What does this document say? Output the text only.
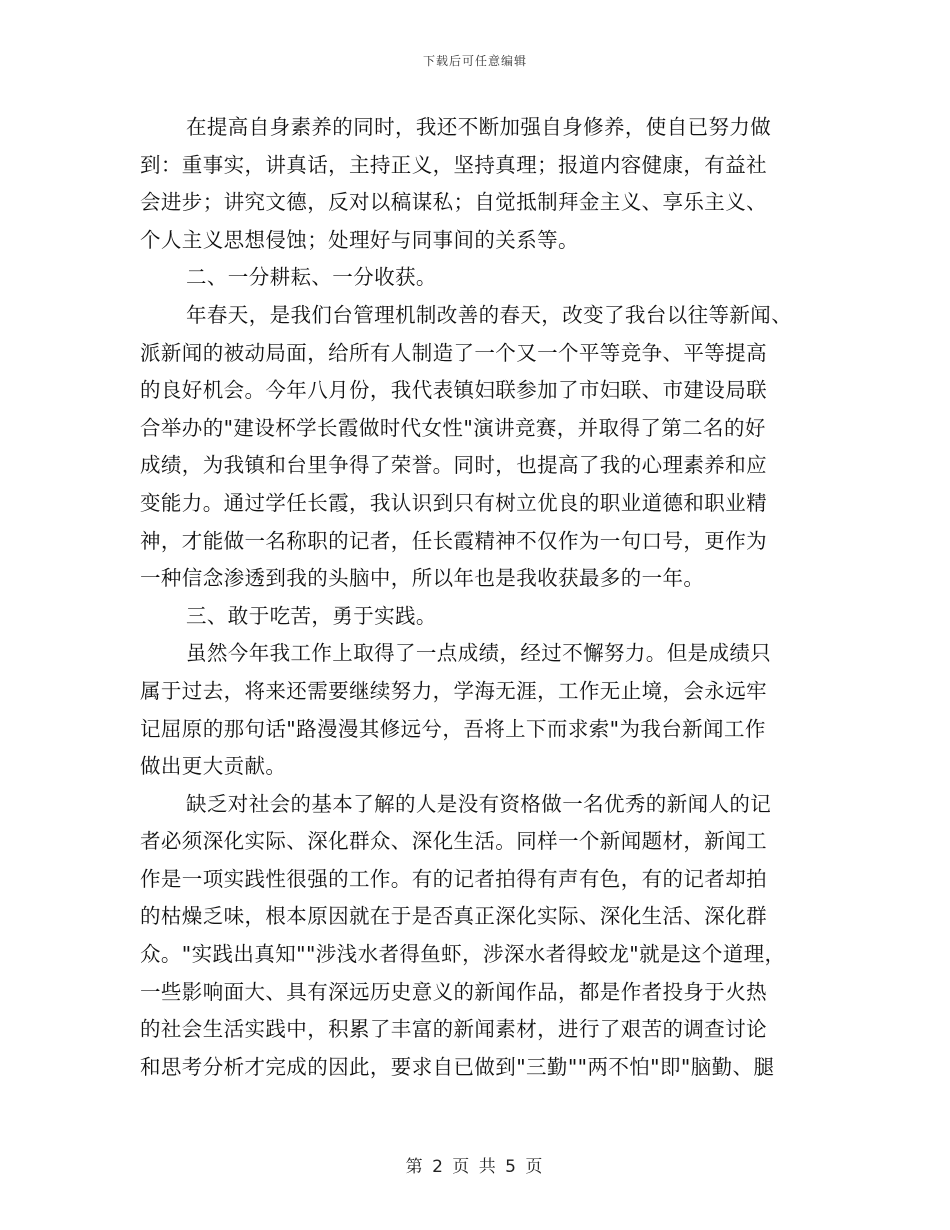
下载后可任意编辑
在提高自身素养的同时，我还不断加强自身修养，使自已努力做
到：重事实，讲真话，主持正义，坚持真理；报道内容健康，有益社
会进步；讲究文德，反对以稿谋私；自觉抵制拜金主义、享乐主义、
个人主义思想侵蚀；处理好与同事间的关系等。
二、一分耕耘、一分收获。
年春天，是我们台管理机制改善的春天，改变了我台以往等新闻、
派新闻的被动局面，给所有人制造了一个又一个平等竞争、平等提高
的良好机会。今年八月份，我代表镇妇联参加了市妇联、市建设局联
合举办的"建设杯学长霞做时代女性"演讲竞赛，并取得了第二名的好
成绩，为我镇和台里争得了荣誉。同时，也提高了我的心理素养和应
变能力。通过学任长霞，我认识到只有树立优良的职业道德和职业精
神，才能做一名称职的记者，任长霞精神不仅作为一句口号，更作为
一种信念渗透到我的头脑中，所以年也是我收获最多的一年。
三、敢于吃苦，勇于实践。
虽然今年我工作上取得了一点成绩，经过不懈努力。但是成绩只
属于过去，将来还需要继续努力，学海无涯，工作无止境，会永远牢
记屈原的那句话"路漫漫其修远兮，吾将上下而求索"为我台新闻工作
做出更大贡献。
缺乏对社会的基本了解的人是没有资格做一名优秀的新闻人的记
者必须深化实际、深化群众、深化生活。同样一个新闻题材，新闻工
作是一项实践性很强的工作。有的记者拍得有声有色，有的记者却拍
的枯燥乏味，根本原因就在于是否真正深化实际、深化生活、深化群
众。"实践出真知""涉浅水者得鱼虾，涉深水者得蛟龙"就是这个道理，
一些影响面大、具有深远历史意义的新闻作品，都是作者投身于火热
的社会生活实践中，积累了丰富的新闻素材，进行了艰苦的调查讨论
和思考分析才完成的因此，要求自已做到"三勤""两不怕"即"脑勤、腿
第 2 页 共 5 页
